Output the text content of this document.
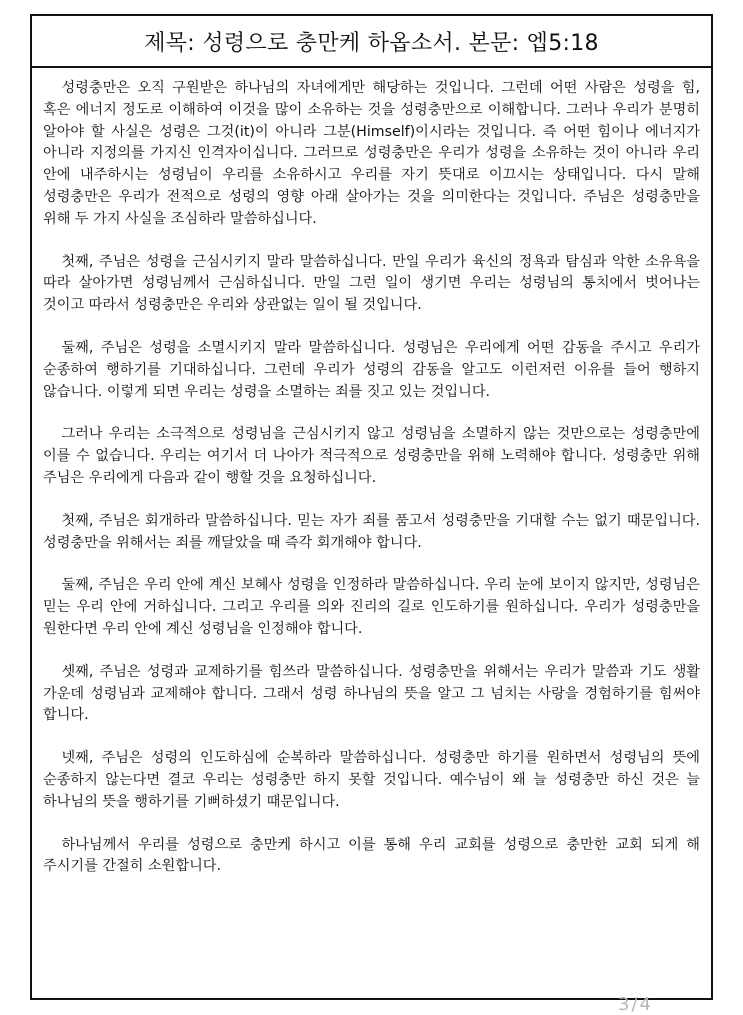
제목: 성령으로 충만케 하옵소서. 본문: 엡5:18

성령충만은 오직 구원받은 하나님의 자녀에게만 해당하는 것입니다. 그런데 어떤 사람은 성령을 힘, 혹은 에너지 정도로 이해하여 이것을 많이 소유하는 것을 성령충만으로 이해합니다. 그러나 우리가 분명히 알아야 할 사실은 성령은 그것(it)이 아니라 그분(Himself)이시라는 것입니다. 즉 어떤 힘이나 에너지가 아니라 지정의를 가지신 인격자이십니다. 그러므로 성령충만은 우리가 성령을 소유하는 것이 아니라 우리 안에 내주하시는 성령님이 우리를 소유하시고 우리를 자기 뜻대로 이끄시는 상태입니다. 다시 말해 성령충만은 우리가 전적으로 성령의 영향 아래 살아가는 것을 의미한다는 것입니다. 주님은 성령충만을 위해 두 가지 사실을 조심하라 말씀하십니다.

첫째, 주님은 성령을 근심시키지 말라 말씀하십니다. 만일 우리가 육신의 정욕과 탐심과 악한 소유욕을 따라 살아가면 성령님께서 근심하십니다. 만일 그런 일이 생기면 우리는 성령님의 통치에서 벗어나는 것이고 따라서 성령충만은 우리와 상관없는 일이 될 것입니다.

둘째, 주님은 성령을 소멸시키지 말라 말씀하십니다. 성령님은 우리에게 어떤 감동을 주시고 우리가 순종하여 행하기를 기대하십니다. 그런데 우리가 성령의 감동을 알고도 이런저런 이유를 들어 행하지 않습니다. 이렇게 되면 우리는 성령을 소멸하는 죄를 짓고 있는 것입니다.

그러나 우리는 소극적으로 성령님을 근심시키지 않고 성령님을 소멸하지 않는 것만으로는 성령충만에 이를 수 없습니다. 우리는 여기서 더 나아가 적극적으로 성령충만을 위해 노력해야 합니다. 성령충만 위해 주님은 우리에게 다음과 같이 행할 것을 요청하십니다.

첫째, 주님은 회개하라 말씀하십니다. 믿는 자가 죄를 품고서 성령충만을 기대할 수는 없기 때문입니다. 성령충만을 위해서는 죄를 깨달았을 때 즉각 회개해야 합니다.

둘째, 주님은 우리 안에 계신 보혜사 성령을 인정하라 말씀하십니다. 우리 눈에 보이지 않지만, 성령님은 믿는 우리 안에 거하십니다. 그리고 우리를 의와 진리의 길로 인도하기를 원하십니다. 우리가 성령충만을 원한다면 우리 안에 계신 성령님을 인정해야 합니다.

셋째, 주님은 성령과 교제하기를 힘쓰라 말씀하십니다. 성령충만을 위해서는 우리가 말씀과 기도 생활 가운데 성령님과 교제해야 합니다. 그래서 성령 하나님의 뜻을 알고 그 넘치는 사랑을 경험하기를 힘써야 합니다.

넷째, 주님은 성령의 인도하심에 순복하라 말씀하십니다. 성령충만 하기를 원하면서 성령님의 뜻에 순종하지 않는다면 결코 우리는 성령충만 하지 못할 것입니다. 예수님이 왜 늘 성령충만 하신 것은 늘 하나님의 뜻을 행하기를 기뻐하셨기 때문입니다.

하나님께서 우리를 성령으로 충만케 하시고 이를 통해 우리 교회를 성령으로 충만한 교회 되게 해 주시기를 간절히 소원합니다.

3/4
